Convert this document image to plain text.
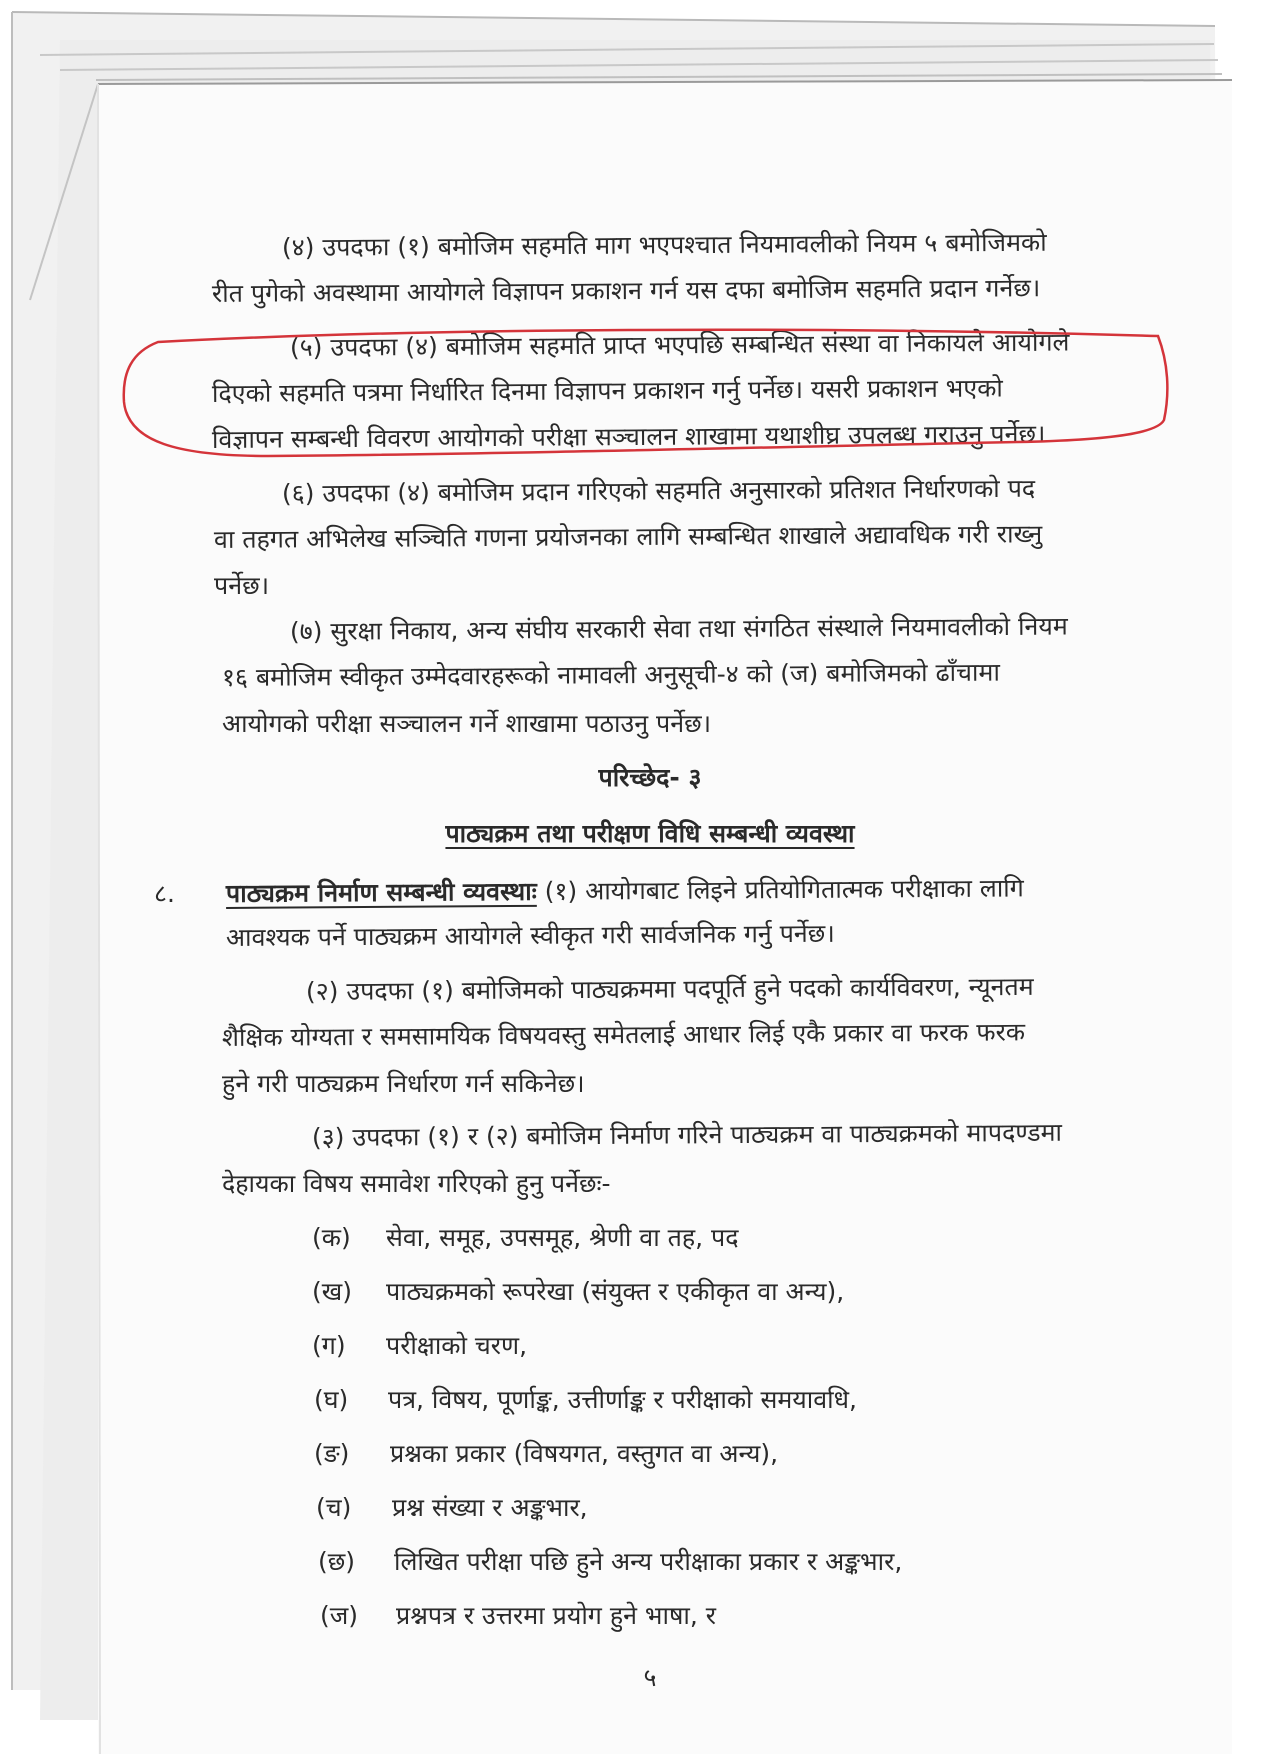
(४) उपदफा (१) बमोजिम सहमति माग भएपश्चात नियमावलीको नियम ५ बमोजिमको
रीत पुगेको अवस्थामा आयोगले विज्ञापन प्रकाशन गर्न यस दफा बमोजिम सहमति प्रदान गर्नेछ।
(५) उपदफा (४) बमोजिम सहमति प्राप्त भएपछि सम्बन्धित संस्था वा निकायले आयोगले
दिएको सहमति पत्रमा निर्धारित दिनमा विज्ञापन प्रकाशन गर्नु पर्नेछ। यसरी प्रकाशन भएको
विज्ञापन सम्बन्धी विवरण आयोगको परीक्षा सञ्चालन शाखामा यथाशीघ्र उपलब्ध गराउनु पर्नेछ।
(६) उपदफा (४) बमोजिम प्रदान गरिएको सहमति अनुसारको प्रतिशत निर्धारणको पद
वा तहगत अभिलेख सञ्चिति गणना प्रयोजनका लागि सम्बन्धित शाखाले अद्यावधिक गरी राख्नु
पर्नेछ।
(७) सुरक्षा निकाय, अन्य संघीय सरकारी सेवा तथा संगठित संस्थाले नियमावलीको नियम
१६ बमोजिम स्वीकृत उम्मेदवारहरूको नामावली अनुसूची-४ को (ज) बमोजिमको ढाँचामा
आयोगको परीक्षा सञ्चालन गर्ने शाखामा पठाउनु पर्नेछ।
परिच्छेद- ३
पाठ्यक्रम तथा परीक्षण विधि सम्बन्धी व्यवस्था
८. पाठ्यक्रम निर्माण सम्बन्धी व्यवस्थाः (१) आयोगबाट लिइने प्रतियोगितात्मक परीक्षाका लागि
आवश्यक पर्ने पाठ्यक्रम आयोगले स्वीकृत गरी सार्वजनिक गर्नु पर्नेछ।
(२) उपदफा (१) बमोजिमको पाठ्यक्रममा पदपूर्ति हुने पदको कार्यविवरण, न्यूनतम
शैक्षिक योग्यता र समसामयिक विषयवस्तु समेतलाई आधार लिई एकै प्रकार वा फरक फरक
हुने गरी पाठ्यक्रम निर्धारण गर्न सकिनेछ।
(३) उपदफा (१) र (२) बमोजिम निर्माण गरिने पाठ्यक्रम वा पाठ्यक्रमको मापदण्डमा
देहायका विषय समावेश गरिएको हुनु पर्नेछः-
(क) सेवा, समूह, उपसमूह, श्रेणी वा तह, पद
(ख) पाठ्यक्रमको रूपरेखा (संयुक्त र एकीकृत वा अन्य),
(ग) परीक्षाको चरण,
(घ) पत्र, विषय, पूर्णाङ्क, उत्तीर्णाङ्क र परीक्षाको समयावधि,
(ङ) प्रश्नका प्रकार (विषयगत, वस्तुगत वा अन्य),
(च) प्रश्न संख्या र अङ्कभार,
(छ) लिखित परीक्षा पछि हुने अन्य परीक्षाका प्रकार र अङ्कभार,
(ज) प्रश्नपत्र र उत्तरमा प्रयोग हुने भाषा, र
५
